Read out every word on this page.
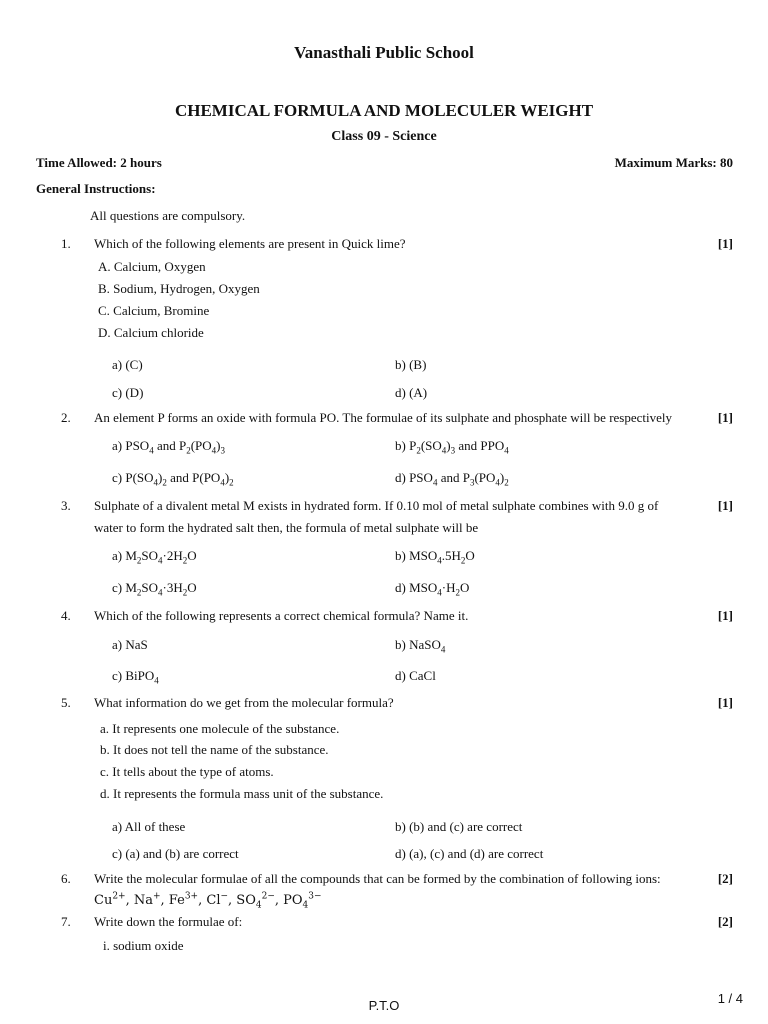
Vanasthali Public School
CHEMICAL FORMULA AND MOLECULER WEIGHT
Class 09 - Science
Time Allowed: 2 hours	Maximum Marks: 80
General Instructions:
All questions are compulsory.
1. Which of the following elements are present in Quick lime?	[1]
A. Calcium, Oxygen
B. Sodium, Hydrogen, Oxygen
C. Calcium, Bromine
D. Calcium chloride
a) (C)	b) (B)
c) (D)	d) (A)
2. An element P forms an oxide with formula PO. The formulae of its sulphate and phosphate will be respectively	[1]
a) $PSO_4$ and $P_2(PO_4)_3$	b) $P_2(SO_4)_3$ and $PPO_4$
c) $P(SO_4)_2$ and $P(PO_4)_2$	d) $PSO_4$ and $P_3(PO_4)_2$
3. Sulphate of a divalent metal M exists in hydrated form. If 0.10 mol of metal sulphate combines with 9.0 g of
water to form the hydrated salt then, the formula of metal sulphate will be
[1]
a) $M_2SO_4\cdot 2H_2O$	b) $MSO_4.5H_2O$
c) $M_2SO_4\cdot 3H_2O$	d) $MSO_4\cdot H_2O$
4. Which of the following represents a correct chemical formula? Name it.	[1]
a) NaS	b) NaSO$_4$
c) BiPO$_4$	d) CaCl
5. What information do we get from the molecular formula?	[1]
a. It represents one molecule of the substance.
b. It does not tell the name of the substance.
c. It tells about the type of atoms.
d. It represents the formula mass unit of the substance.
a) All of these	b) (b) and (c) are correct
c) (a) and (b) are correct	d) (a), (c) and (d) are correct
6. Write the molecular formulae of all the compounds that can be formed by the combination of following ions:	[2]
$Cu^{2+}$, Na+, $Fe^{3+}$, Cl−, $SO_4^{2-}$, $PO_4^{3-}$
7. Write down the formulae of:	[2]
i. sodium oxide
P.T.O	1 / 4
